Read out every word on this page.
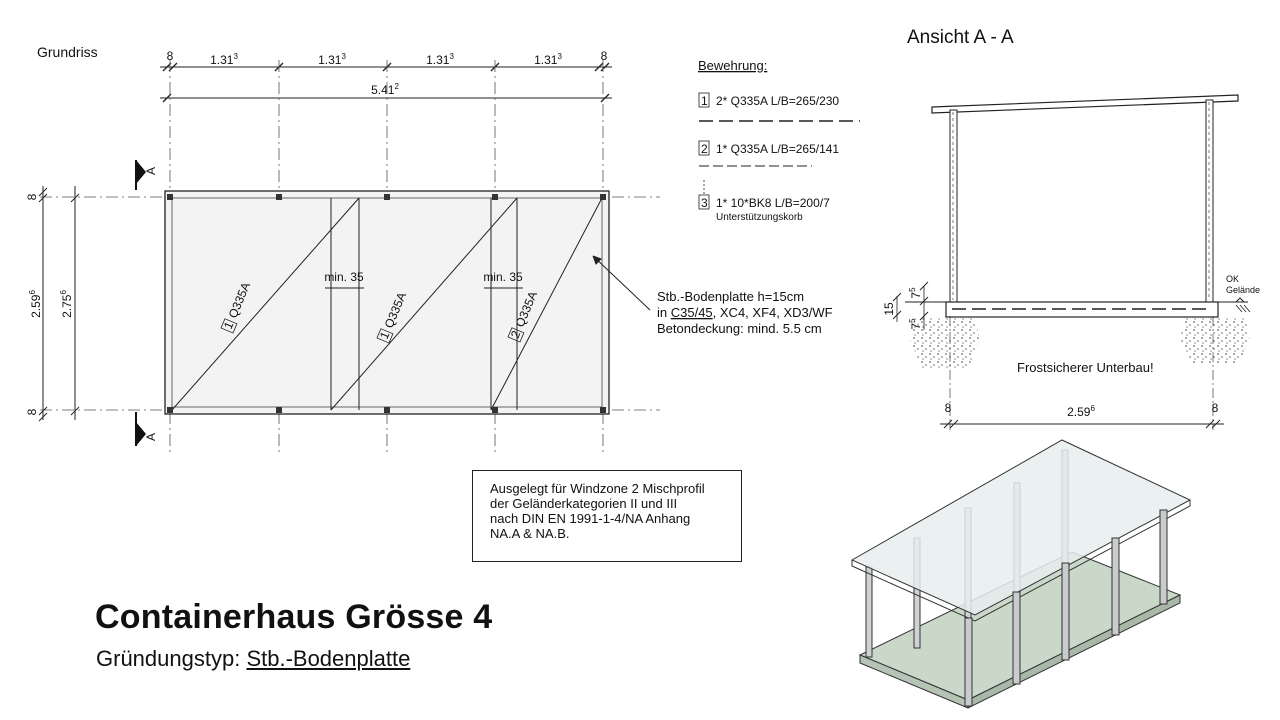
Grundriss	8	1.31$^3$	1.31$^3$	1.31$^3$	1.31$^3$	8
5.41$^2$
8
2.59$^6$
2.75$^6$
8
A
A
min. 35	min. 35
1
Q335A
1
Q335A
2
Q335A	Stb.-Bodenplatte h=15cm
in C35/45, XC4, XF4, XD3/WF
Betondeckung: mind. 5.5 cm
Bewehrung:
1 2* Q335A L/B=265/230
2 1* Q335A L/B=265/141
3 1* 10*BK8 L/B=200/7
Unterstützungskorb
Ansicht A - A
8	2.59$^6$	8
$7^5$
15
$7^5$
OK
Gelände
Frostsicherer Unterbau!
Ausgelegt für Windzone 2 Mischprofil
der Geländerkategorien II und III
nach DIN EN 1991-1-4/NA Anhang
NA.A & NA.B.
Containerhaus Grösse 4
Gründungstyp: Stb.-Bodenplatte
